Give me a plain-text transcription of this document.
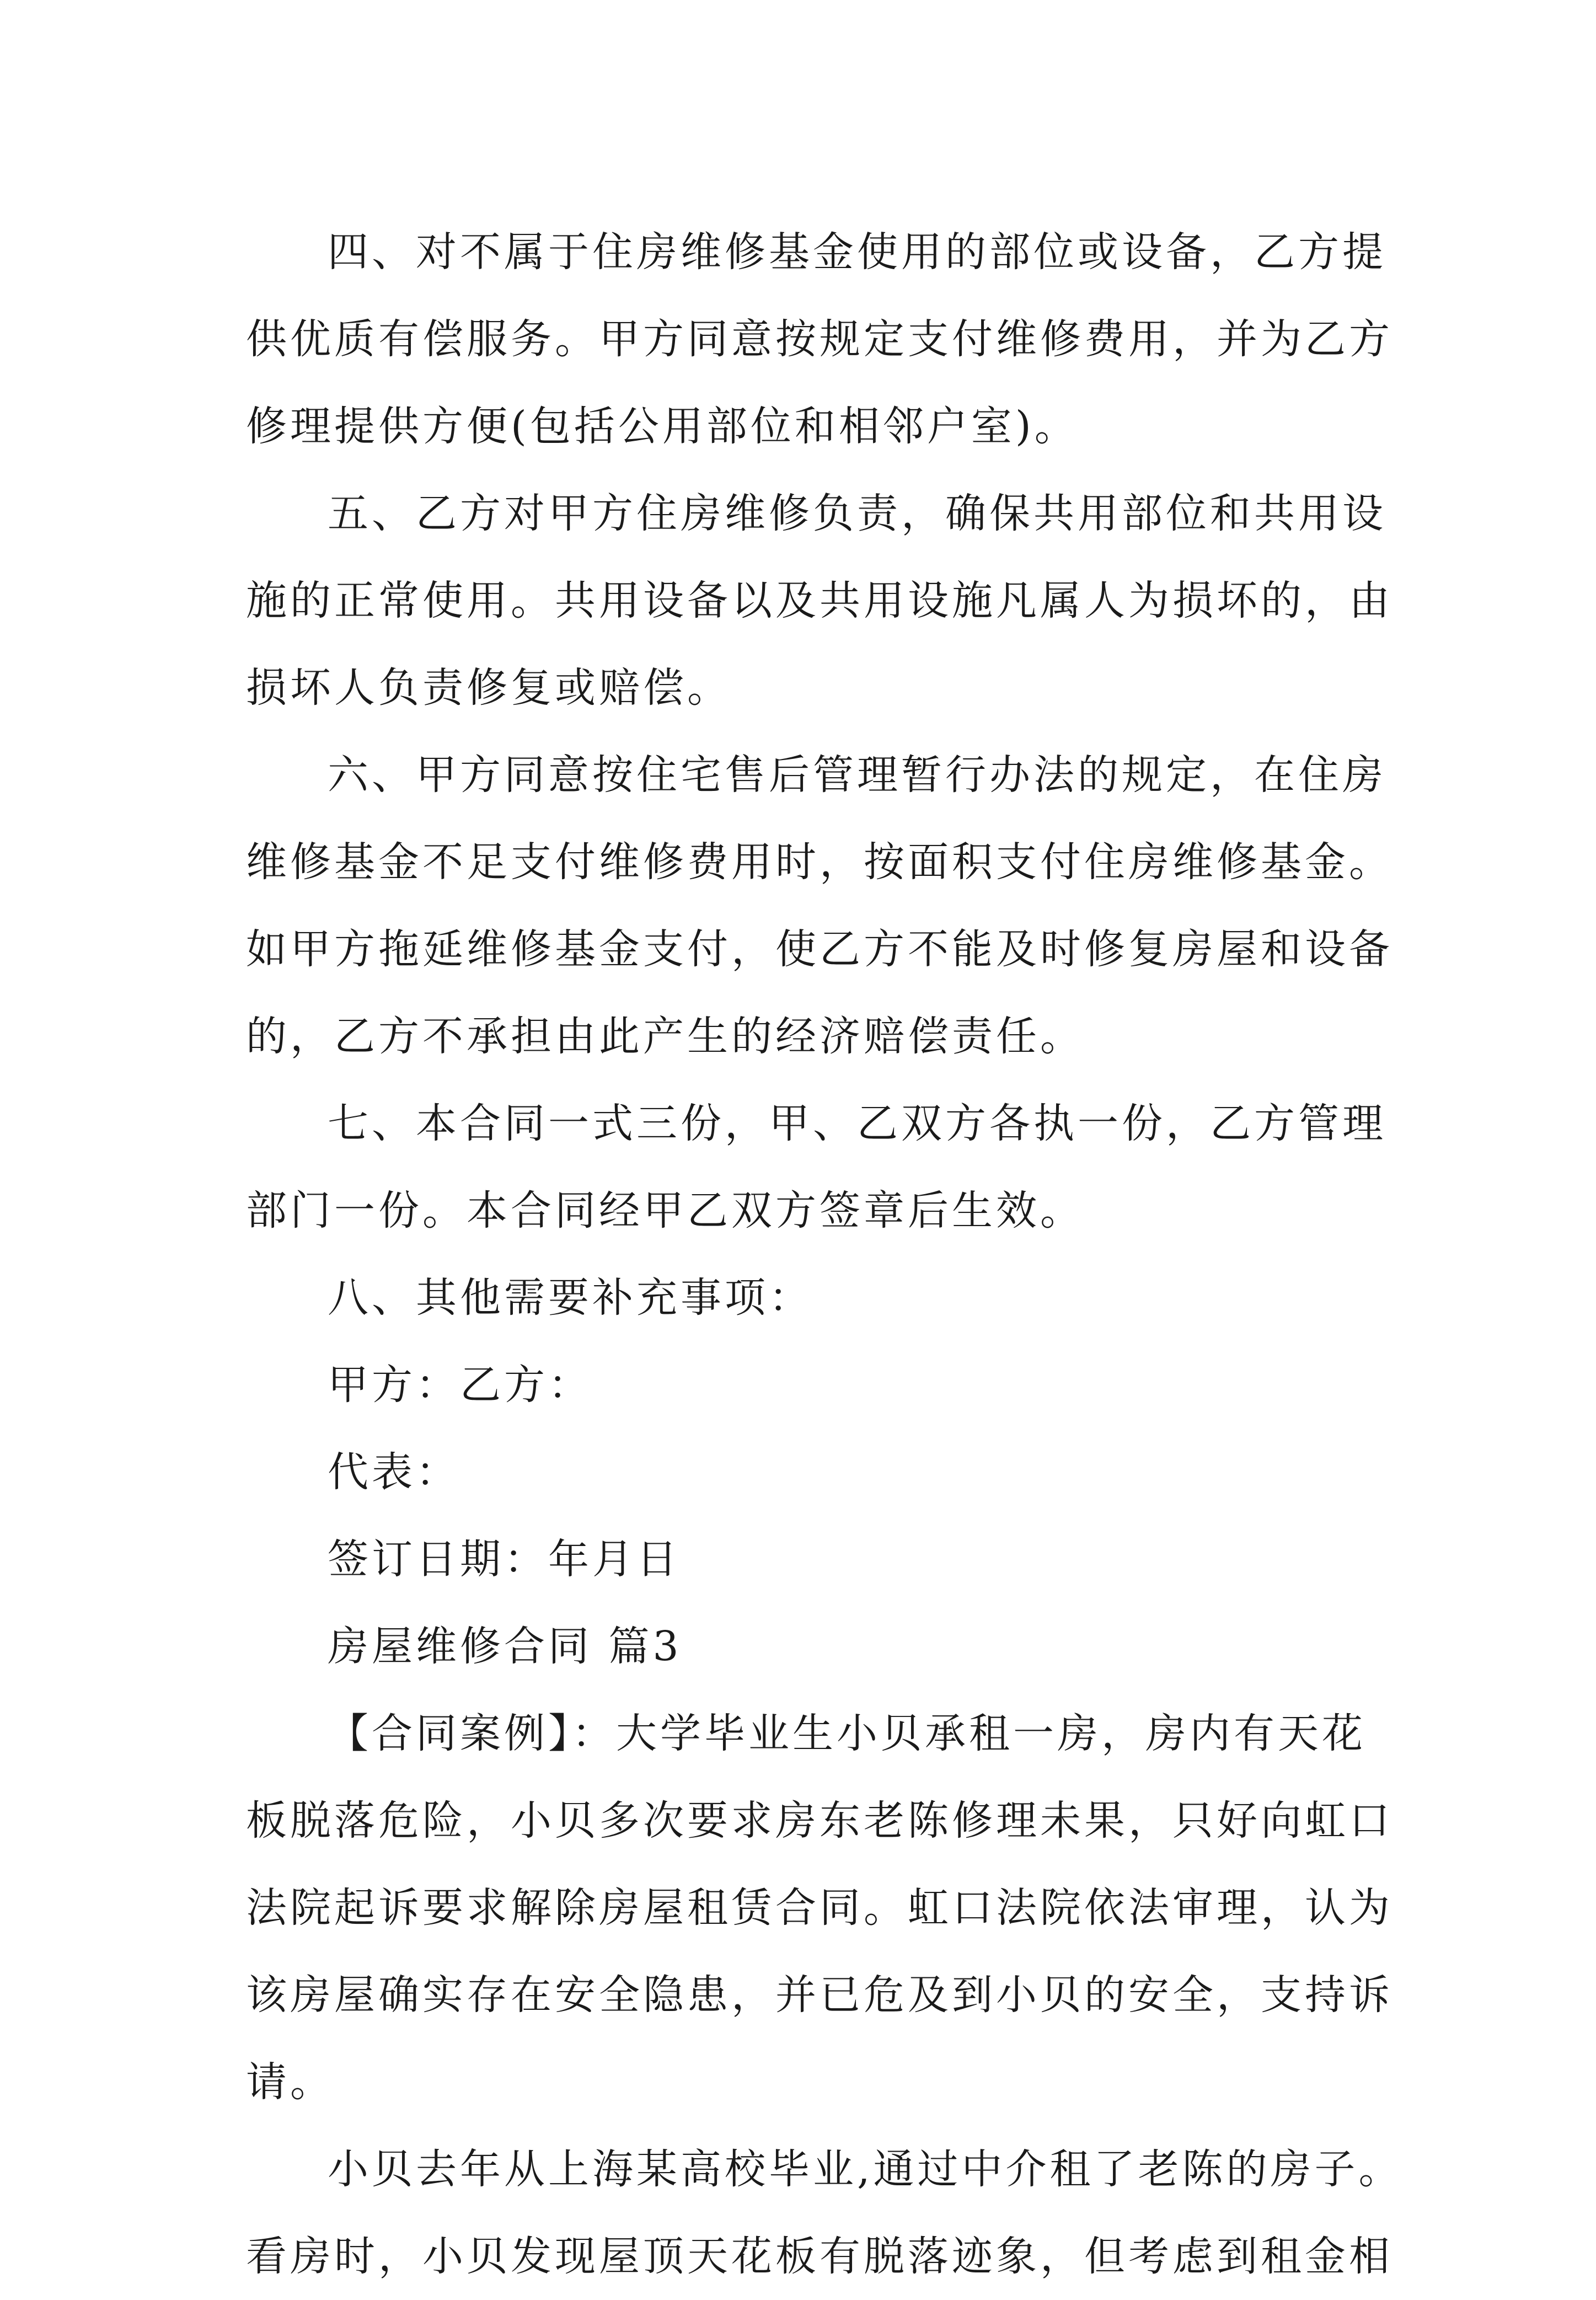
四、对不属于住房维修基金使用的部位或设备，乙方提
供优质有偿服务。甲方同意按规定支付维修费用，并为乙方
修理提供方便(包括公用部位和相邻户室)。
五、乙方对甲方住房维修负责，确保共用部位和共用设
施的正常使用。共用设备以及共用设施凡属人为损坏的，由
损坏人负责修复或赔偿。
六、甲方同意按住宅售后管理暂行办法的规定，在住房
维修基金不足支付维修费用时，按面积支付住房维修基金。
如甲方拖延维修基金支付，使乙方不能及时修复房屋和设备
的，乙方不承担由此产生的经济赔偿责任。
七、本合同一式三份，甲、乙双方各执一份，乙方管理
部门一份。本合同经甲乙双方签章后生效。
八、其他需要补充事项：
甲方：乙方：
代表：
签订日期：年月日
房屋维修合同 篇3
【合同案例】：大学毕业生小贝承租一房，房内有天花
板脱落危险，小贝多次要求房东老陈修理未果，只好向虹口
法院起诉要求解除房屋租赁合同。虹口法院依法审理，认为
该房屋确实存在安全隐患，并已危及到小贝的安全，支持诉
请。
小贝去年从上海某高校毕业,通过中介租了老陈的房子。
看房时，小贝发现屋顶天花板有脱落迹象，但考虑到租金相
